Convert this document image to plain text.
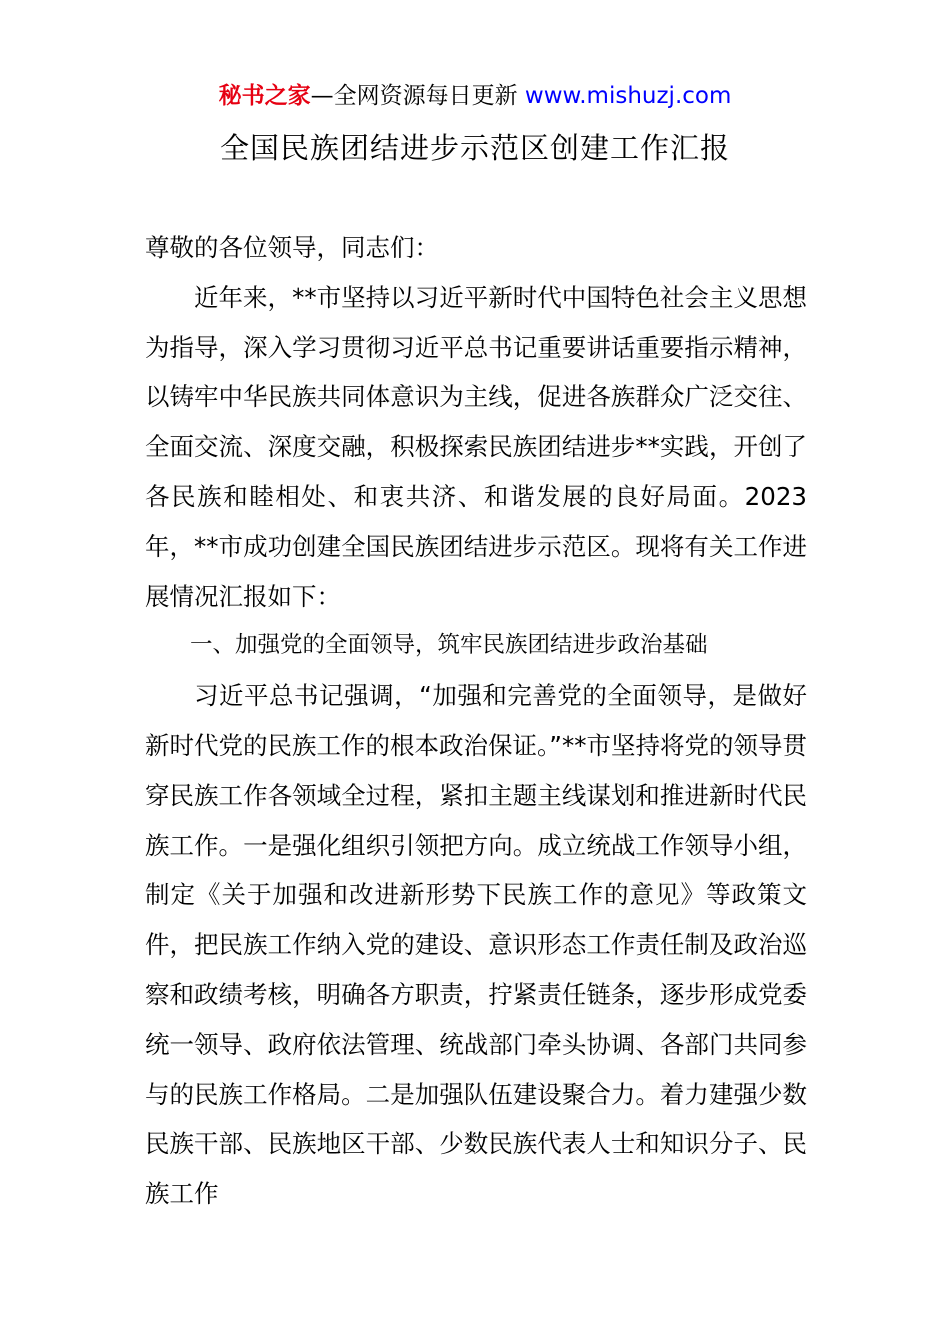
秘书之家—全网资源每日更新 www.mishuzj.com
全国民族团结进步示范区创建工作汇报

尊敬的各位领导，同志们：

近年来，**市坚持以习近平新时代中国特色社会主义思想为指导，深入学习贯彻习近平总书记重要讲话重要指示精神，以铸牢中华民族共同体意识为主线，促进各族群众广泛交往、全面交流、深度交融，积极探索民族团结进步**实践，开创了各民族和睦相处、和衷共济、和谐发展的良好局面。2023年，**市成功创建全国民族团结进步示范区。现将有关工作进展情况汇报如下：

一、加强党的全面领导，筑牢民族团结进步政治基础

习近平总书记强调，“加强和完善党的全面领导，是做好新时代党的民族工作的根本政治保证。”**市坚持将党的领导贯穿民族工作各领域全过程，紧扣主题主线谋划和推进新时代民族工作。一是强化组织引领把方向。成立统战工作领导小组，制定《关于加强和改进新形势下民族工作的意见》等政策文件，把民族工作纳入党的建设、意识形态工作责任制及政治巡察和政绩考核，明确各方职责，拧紧责任链条，逐步形成党委统一领导、政府依法管理、统战部门牵头协调、各部门共同参与的民族工作格局。二是加强队伍建设聚合力。着力建强少数民族干部、民族地区干部、少数民族代表人士和知识分子、民族工作
